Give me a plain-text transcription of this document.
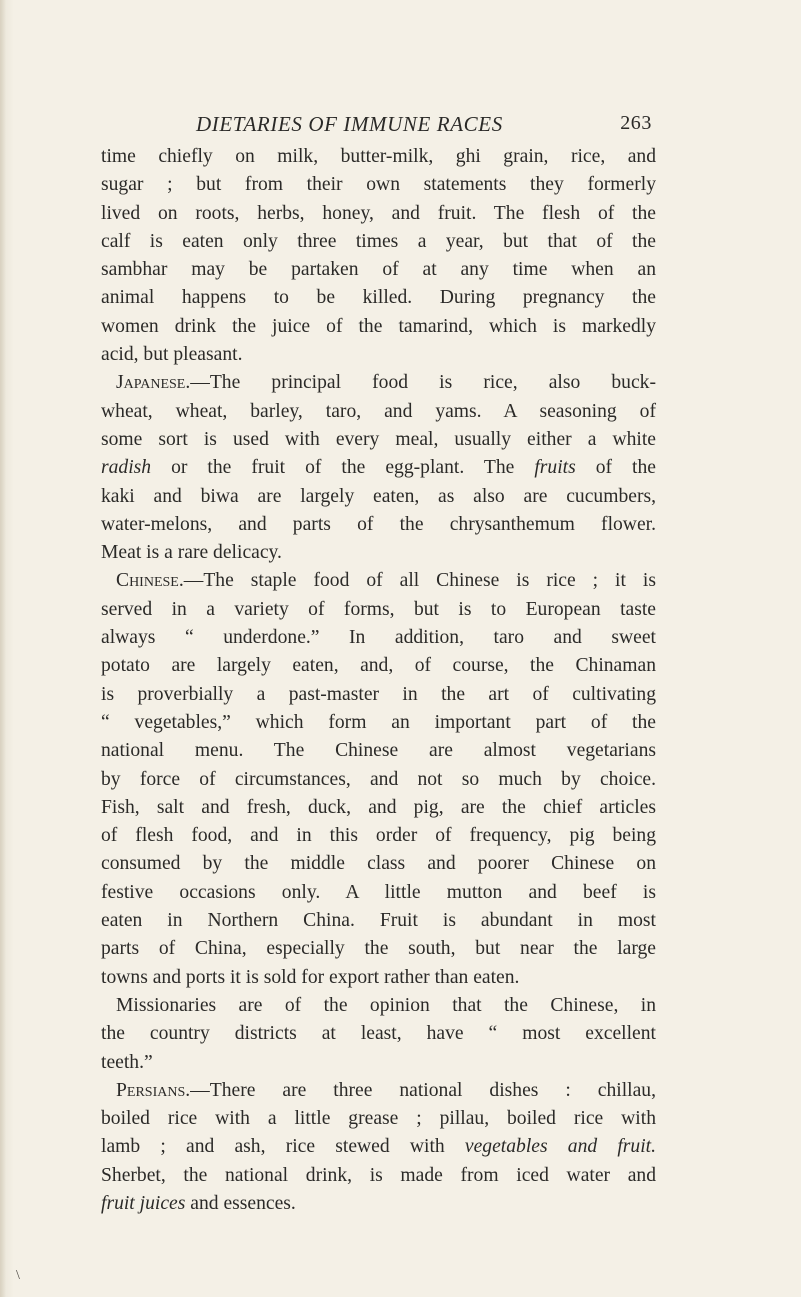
DIETARIES OF IMMUNE RACES	263
time chiefly on milk, butter-milk, ghi grain, rice, and
sugar ; but from their own statements they formerly
lived on roots, herbs, honey, and fruit. The flesh of the
calf is eaten only three times a year, but that of the
sambhar may be partaken of at any time when an
animal happens to be killed. During pregnancy the
women drink the juice of the tamarind, which is markedly
acid, but pleasant.
Japanese.—The principal food is rice, also buck-
wheat, wheat, barley, taro, and yams. A seasoning of
some sort is used with every meal, usually either a white
radish or the fruit of the egg-plant. The fruits of the
kaki and biwa are largely eaten, as also are cucumbers,
water-melons, and parts of the chrysanthemum flower.
Meat is a rare delicacy.
Chinese.—The staple food of all Chinese is rice ; it is
served in a variety of forms, but is to European taste
always “ underdone.” In addition, taro and sweet
potato are largely eaten, and, of course, the Chinaman
is proverbially a past-master in the art of cultivating
“ vegetables,” which form an important part of the
national menu. The Chinese are almost vegetarians
by force of circumstances, and not so much by choice.
Fish, salt and fresh, duck, and pig, are the chief articles
of flesh food, and in this order of frequency, pig being
consumed by the middle class and poorer Chinese on
festive occasions only. A little mutton and beef is
eaten in Northern China. Fruit is abundant in most
parts of China, especially the south, but near the large
towns and ports it is sold for export rather than eaten.
Missionaries are of the opinion that the Chinese, in
the country districts at least, have “ most excellent
teeth.”
Persians.—There are three national dishes : chillau,
boiled rice with a little grease ; pillau, boiled rice with
lamb ; and ash, rice stewed with vegetables and fruit.
Sherbet, the national drink, is made from iced water and
fruit juices and essences.
\
